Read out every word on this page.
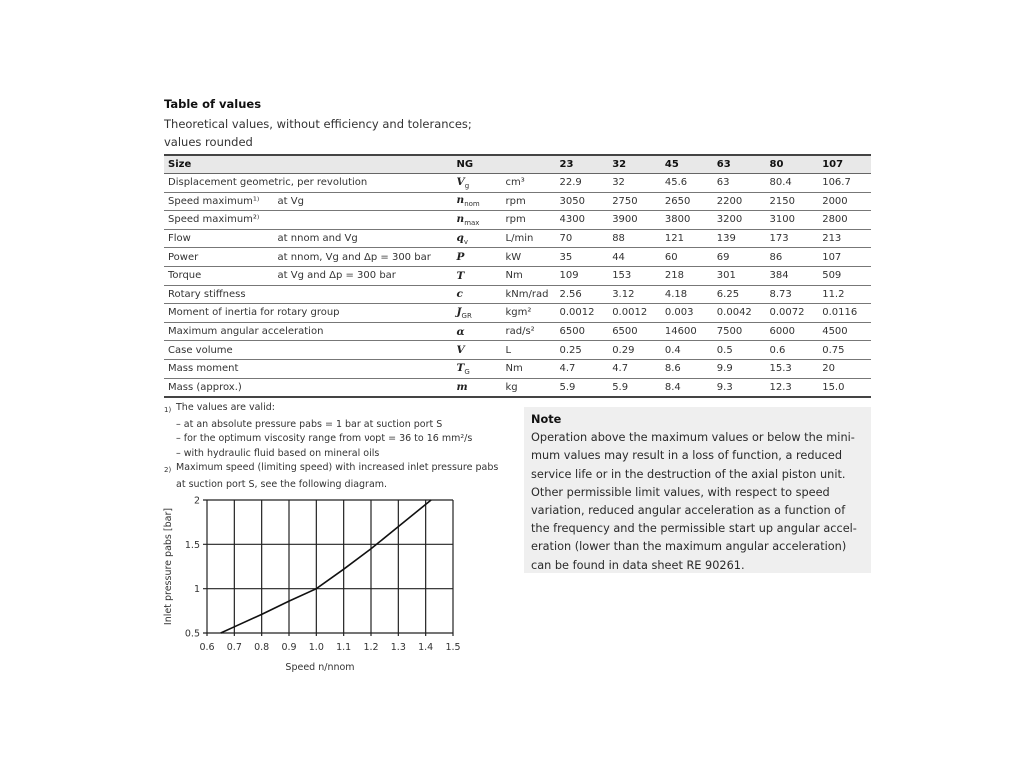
Table of values
Theoretical values, without efficiency and tolerances;
values rounded
Size		NG		23	32	45	63	80	107
Displacement geometric, per revolution		$V_g$	cm³	22.9	32	45.6	63	80.4	106.7
Speed maximum¹⁾	at Vg	$n_{nom}$	rpm	3050	2750	2650	2200	2150	2000
Speed maximum²⁾		$n_{max}$	rpm	4300	3900	3800	3200	3100	2800
Flow	at nnom and Vg	$q_v$	L/min	70	88	121	139	173	213
Power	at nnom, Vg and Δp = 300 bar	P	kW	35	44	60	69	86	107
Torque	at Vg and Δp = 300 bar	T	Nm	109	153	218	301	384	509
Rotary stiffness		c	kNm/rad	2.56	3.12	4.18	6.25	8.73	11.2
Moment of inertia for rotary group		$J_{GR}$	kgm²	0.0012	0.0012	0.003	0.0042	0.0072	0.0116
Maximum angular acceleration		α	rad/s²	6500	6500	14600	7500	6000	4500
Case volume		V	L	0.25	0.29	0.4	0.5	0.6	0.75
Mass moment		$T_G$	Nm	4.7	4.7	8.6	9.9	15.3	20
Mass (approx.)		m	kg	5.9	5.9	8.4	9.3	12.3	15.0
1) The values are valid:
– at an absolute pressure pabs = 1 bar at suction port S
– for the optimum viscosity range from νopt = 36 to 16 mm²/s
– with hydraulic fluid based on mineral oils
2) Maximum speed (limiting speed) with increased inlet pressure pabs
at suction port S, see the following diagram.
Note
Operation above the maximum values or below the mini-
mum values may result in a loss of function, a reduced
service life or in the destruction of the axial piston unit.
Other permissible limit values, with respect to speed
variation, reduced angular acceleration as a function of
the frequency and the permissible start up angular accel-
eration (lower than the maximum angular acceleration)
can be found in data sheet RE 90261.
0.6 0.7 0.8 0.9 1.0 1.1 1.2 1.3 1.4 1.5
0.5
1
1.5
2
Speed n/nnom
Inlet pressure pabs [bar]
